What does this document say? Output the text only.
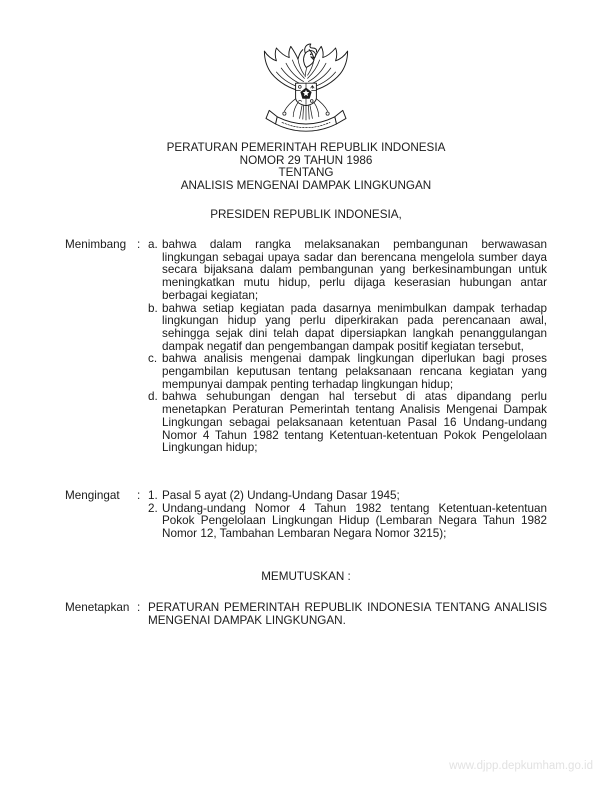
PERATURAN PEMERINTAH REPUBLIK INDONESIA
NOMOR 29 TAHUN 1986
TENTANG
ANALISIS MENGENAI DAMPAK LINGKUNGAN
PRESIDEN REPUBLIK INDONESIA,
Menimbang : a. bahwa dalam rangka melaksanakan pembangunan berwawasan lingkungan sebagai upaya sadar dan berencana mengelola sumber daya secara bijaksana dalam pembangunan yang berkesinambungan untuk meningkatkan mutu hidup, perlu dijaga keserasian hubungan antar berbagai kegiatan;
b. bahwa setiap kegiatan pada dasarnya menimbulkan dampak terhadap lingkungan hidup yang perlu diperkirakan pada perencanaan awal, sehingga sejak dini telah dapat dipersiapkan langkah penanggulangan dampak negatif dan pengembangan dampak positif kegiatan tersebut,
c. bahwa analisis mengenai dampak lingkungan diperlukan bagi proses pengambilan keputusan tentang pelaksanaan rencana kegiatan yang mempunyai dampak penting terhadap lingkungan hidup;
d. bahwa sehubungan dengan hal tersebut di atas dipandang perlu menetapkan Peraturan Pemerintah tentang Analisis Mengenai Dampak Lingkungan sebagai pelaksanaan ketentuan Pasal 16 Undang-undang Nomor 4 Tahun 1982 tentang Ketentuan-ketentuan Pokok Pengelolaan Lingkungan hidup;
Mengingat	: 1. Pasal 5 ayat (2) Undang-Undang Dasar 1945;
2. Undang-undang Nomor 4 Tahun 1982 tentang Ketentuan-ketentuan Pokok Pengelolaan Lingkungan Hidup (Lembaran Negara Tahun 1982 Nomor 12, Tambahan Lembaran Negara Nomor 3215);
MEMUTUSKAN :
Menetapkan : PERATURAN PEMERINTAH REPUBLIK INDONESIA TENTANG ANALISIS MENGENAI DAMPAK LINGKUNGAN.
www.djpp.depkumham.go.id
